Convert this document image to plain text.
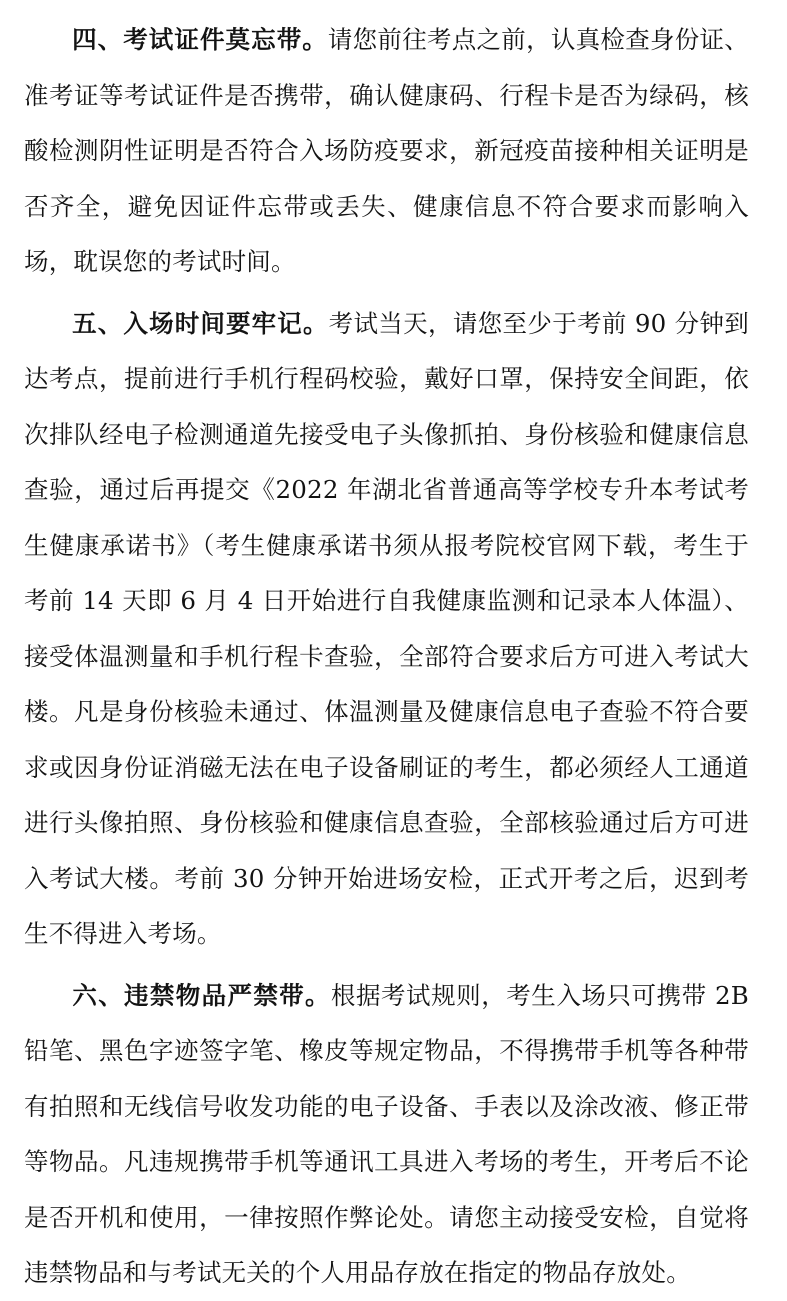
四、考试证件莫忘带。请您前往考点之前，认真检查身份证、准考证等考试证件是否携带，确认健康码、行程卡是否为绿码，核酸检测阴性证明是否符合入场防疫要求，新冠疫苗接种相关证明是否齐全，避免因证件忘带或丢失、健康信息不符合要求而影响入场，耽误您的考试时间。

五、入场时间要牢记。考试当天，请您至少于考前 90 分钟到达考点，提前进行手机行程码校验，戴好口罩，保持安全间距，依次排队经电子检测通道先接受电子头像抓拍、身份核验和健康信息查验，通过后再提交《2022 年湖北省普通高等学校专升本考试考生健康承诺书》（考生健康承诺书须从报考院校官网下载，考生于考前 14 天即 6 月 4 日开始进行自我健康监测和记录本人体温）、接受体温测量和手机行程卡查验，全部符合要求后方可进入考试大楼。凡是身份核验未通过、体温测量及健康信息电子查验不符合要求或因身份证消磁无法在电子设备刷证的考生，都必须经人工通道进行头像拍照、身份核验和健康信息查验，全部核验通过后方可进入考试大楼。考前 30 分钟开始进场安检，正式开考之后，迟到考生不得进入考场。

六、违禁物品严禁带。根据考试规则，考生入场只可携带 2B 铅笔、黑色字迹签字笔、橡皮等规定物品，不得携带手机等各种带有拍照和无线信号收发功能的电子设备、手表以及涂改液、修正带等物品。凡违规携带手机等通讯工具进入考场的考生，开考后不论是否开机和使用，一律按照作弊论处。请您主动接受安检，自觉将违禁物品和与考试无关的个人用品存放在指定的物品存放处。
